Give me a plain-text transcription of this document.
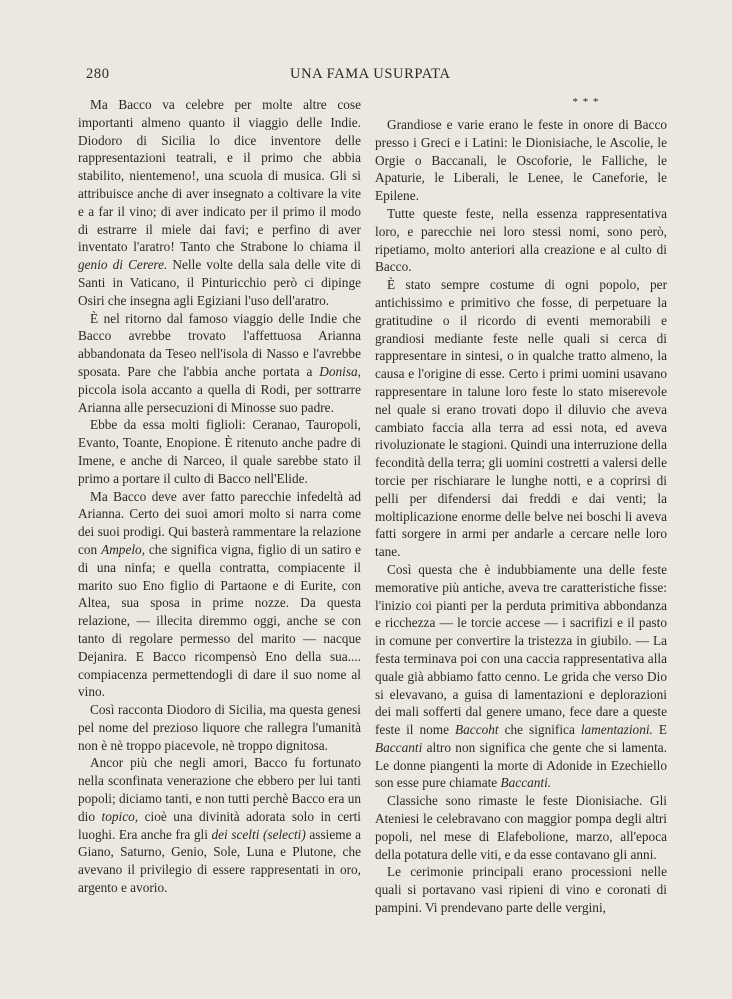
280	UNA FAMA USURPATA

Ma Bacco va celebre per molte altre cose importanti almeno quanto il viaggio delle Indie. Diodoro di Sicilia lo dice inventore delle rappresentazioni teatrali, e il primo che abbia stabilito, nientemeno!, una scuola di musica. Gli si attribuisce anche di aver insegnato a coltivare la vite e a far il vino; di aver indicato per il primo il modo di estrarre il miele dai favi; e perfino di aver inventato l'aratro! Tanto che Strabone lo chiama il genio di Cerere. Nelle volte della sala delle vite di Santi in Vaticano, il Pinturicchio però ci dipinge Osiri che insegna agli Egiziani l'uso dell'aratro.

È nel ritorno dal famoso viaggio delle Indie che Bacco avrebbe trovato l'affettuosa Arianna abbandonata da Teseo nell'isola di Nasso e l'avrebbe sposata. Pare che l'abbia anche portata a Donisa, piccola isola accanto a quella di Rodi, per sottrarre Arianna alle persecuzioni di Minosse suo padre.

Ebbe da essa molti figlioli: Ceranao, Tauropoli, Evanto, Toante, Enopione. È ritenuto anche padre di Imene, e anche di Narceo, il quale sarebbe stato il primo a portare il culto di Bacco nell'Elide.

Ma Bacco deve aver fatto parecchie infedeltà ad Arianna. Certo dei suoi amori molto si narra come dei suoi prodigi. Qui basterà rammentare la relazione con Ampelo, che significa vigna, figlio di un satiro e di una ninfa; e quella contratta, compiacente il marito suo Eno figlio di Partaone e di Eurite, con Altea, sua sposa in prime nozze. Da questa relazione, — illecita diremmo oggi, anche se con tanto di regolare permesso del marito — nacque Dejanira. E Bacco ricompensò Eno della sua.... compiacenza permettendogli di dare il suo nome al vino.

Così racconta Diodoro di Sicilia, ma questa genesi pel nome del prezioso liquore che rallegra l'umanità non è nè troppo piacevole, nè troppo dignitosa.

Ancor più che negli amori, Bacco fu fortunato nella sconfinata venerazione che ebbero per lui tanti popoli; diciamo tanti, e non tutti perchè Bacco era un dio topico, cioè una divinità adorata solo in certi luoghi. Era anche fra gli dei scelti (selecti) assieme a Giano, Saturno, Genio, Sole, Luna e Plutone, che avevano il privilegio di essere rappresentati in oro, argento e avorio.

* * *

Grandiose e varie erano le feste in onore di Bacco presso i Greci e i Latini: le Dionisiache, le Ascolie, le Orgie o Baccanali, le Oscoforie, le Falliche, le Apaturie, le Liberali, le Lenee, le Caneforie, le Epilene.

Tutte queste feste, nella essenza rappresentativa loro, e parecchie nei loro stessi nomi, sono però, ripetiamo, molto anteriori alla creazione e al culto di Bacco.

È stato sempre costume di ogni popolo, per antichissimo e primitivo che fosse, di perpetuare la gratitudine o il ricordo di eventi memorabili e grandiosi mediante feste nelle quali si cerca di rappresentare in sintesi, o in qualche tratto almeno, la causa e l'origine di esse. Certo i primi uomini usavano rappresentare in talune loro feste lo stato miserevole nel quale si erano trovati dopo il diluvio che aveva cambiato faccia alla terra ad essi nota, ed aveva rivoluzionate le stagioni. Quindi una interruzione della fecondità della terra; gli uomini costretti a valersi delle torcie per rischiarare le lunghe notti, e a coprirsi di pelli per difendersi dai freddi e dai venti; la moltiplicazione enorme delle belve nei boschi li aveva fatti sorgere in armi per andarle a cercare nelle loro tane.

Così questa che è indubbiamente una delle feste memorative più antiche, aveva tre caratteristiche fisse: l'inizio coi pianti per la perduta primitiva abbondanza e ricchezza — le torcie accese — i sacrifizi e il pasto in comune per convertire la tristezza in giubilo. — La festa terminava poi con una caccia rappresentativa alla quale già abbiamo fatto cenno. Le grida che verso Dio si elevavano, a guisa di lamentazioni e deplorazioni dei mali sofferti dal genere umano, fece dare a queste feste il nome Baccoht che significa lamentazioni. E Baccanti altro non significa che gente che si lamenta. Le donne piangenti la morte di Adonide in Ezechiello son esse pure chiamate Baccanti.

Classiche sono rimaste le feste Dionisiache. Gli Ateniesi le celebravano con maggior pompa degli altri popoli, nel mese di Elafebolione, marzo, all'epoca della potatura delle viti, e da esse contavano gli anni.

Le cerimonie principali erano processioni nelle quali si portavano vasi ripieni di vino e coronati di pampini. Vi prendevano parte delle vergini,
